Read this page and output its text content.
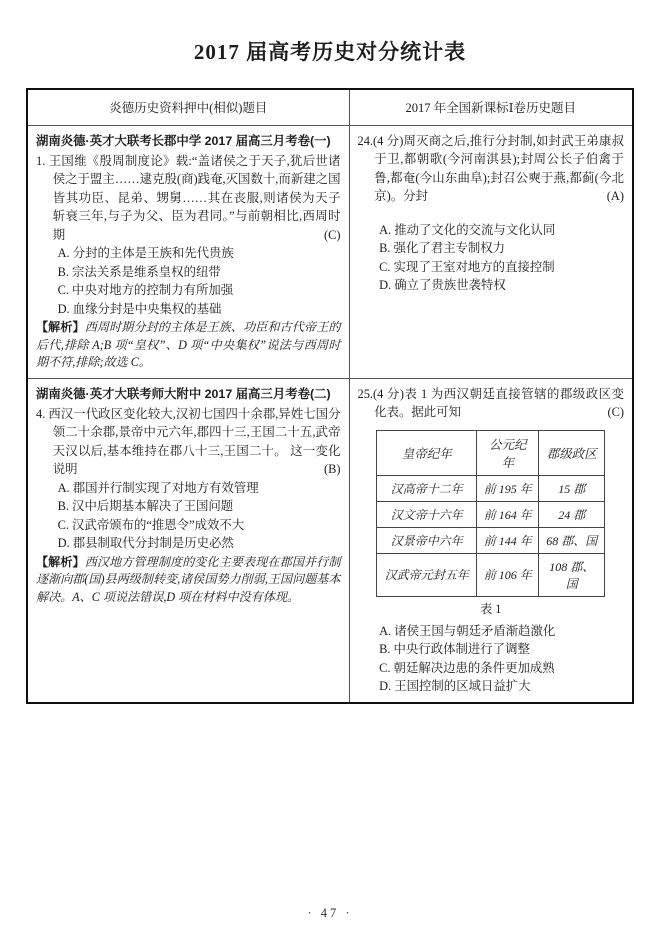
2017 届高考历史对分统计表
炎德历史资料押中(相似)题目	2017 年全国新课标Ⅰ卷历史题目

湖南炎德·英才大联考长郡中学 2017 届高三月考卷(一)
1. 王国维《殷周制度论》载:“盖诸侯之于天子,犹后世诸侯之于盟主……逮克殷(商)践奄,灭国数十,而新建之国皆其功臣、昆弟、甥舅……其在丧服,则诸侯为天子斩衰三年,与子为父、臣为君同。”与前朝相比,西周时期	(C)
A. 分封的主体是王族和先代贵族
B. 宗法关系是维系皇权的纽带
C. 中央对地方的控制力有所加强
D. 血缘分封是中央集权的基础
【解析】西周时期分封的主体是王族、功臣和古代帝王的后代,排除 A;B 项“皇权”、D 项“中央集权”说法与西周时期不符,排除;故选 C。

24.(4 分)周灭商之后,推行分封制,如封武王弟康叔于卫,都朝歌(今河南淇县);封周公长子伯禽于鲁,都奄(今山东曲阜);封召公奭于燕,都蓟(今北京)。分封	(A)
A. 推动了文化的交流与文化认同
B. 强化了君主专制权力
C. 实现了王室对地方的直接控制
D. 确立了贵族世袭特权

湖南炎德·英才大联考师大附中 2017 届高三月考卷(二)
4. 西汉一代政区变化较大,汉初七国四十余郡,异姓七国分领二十余郡,景帝中元六年,郡四十三,王国二十五,武帝天汉以后,基本维持在郡八十三,王国二十。 这一变化说明	(B)
A. 郡国并行制实现了对地方有效管理
B. 汉中后期基本解决了王国问题
C. 汉武帝颁布的“推恩令”成效不大
D. 郡县制取代分封制是历史必然
【解析】西汉地方管理制度的变化主要表现在郡国并行制逐渐向郡(国)县两级制转变,诸侯国势力削弱,王国问题基本解决。A、C 项说法错误,D 项在材料中没有体现。

25.(4 分)表 1 为西汉朝廷直接管辖的郡级政区变化表。据此可知	(C)
皇帝纪年	公元纪年	郡级政区
汉高帝十二年	前 195 年	15 郡
汉文帝十六年	前 164 年	24 郡
汉景帝中六年	前 144 年	68 郡、国
汉武帝元封五年	前 106 年	108 郡、国
表 1
A. 诸侯王国与朝廷矛盾渐趋激化
B. 中央行政体制进行了调整
C. 朝廷解决边患的条件更加成熟
D. 王国控制的区域日益扩大
· 47 ·
